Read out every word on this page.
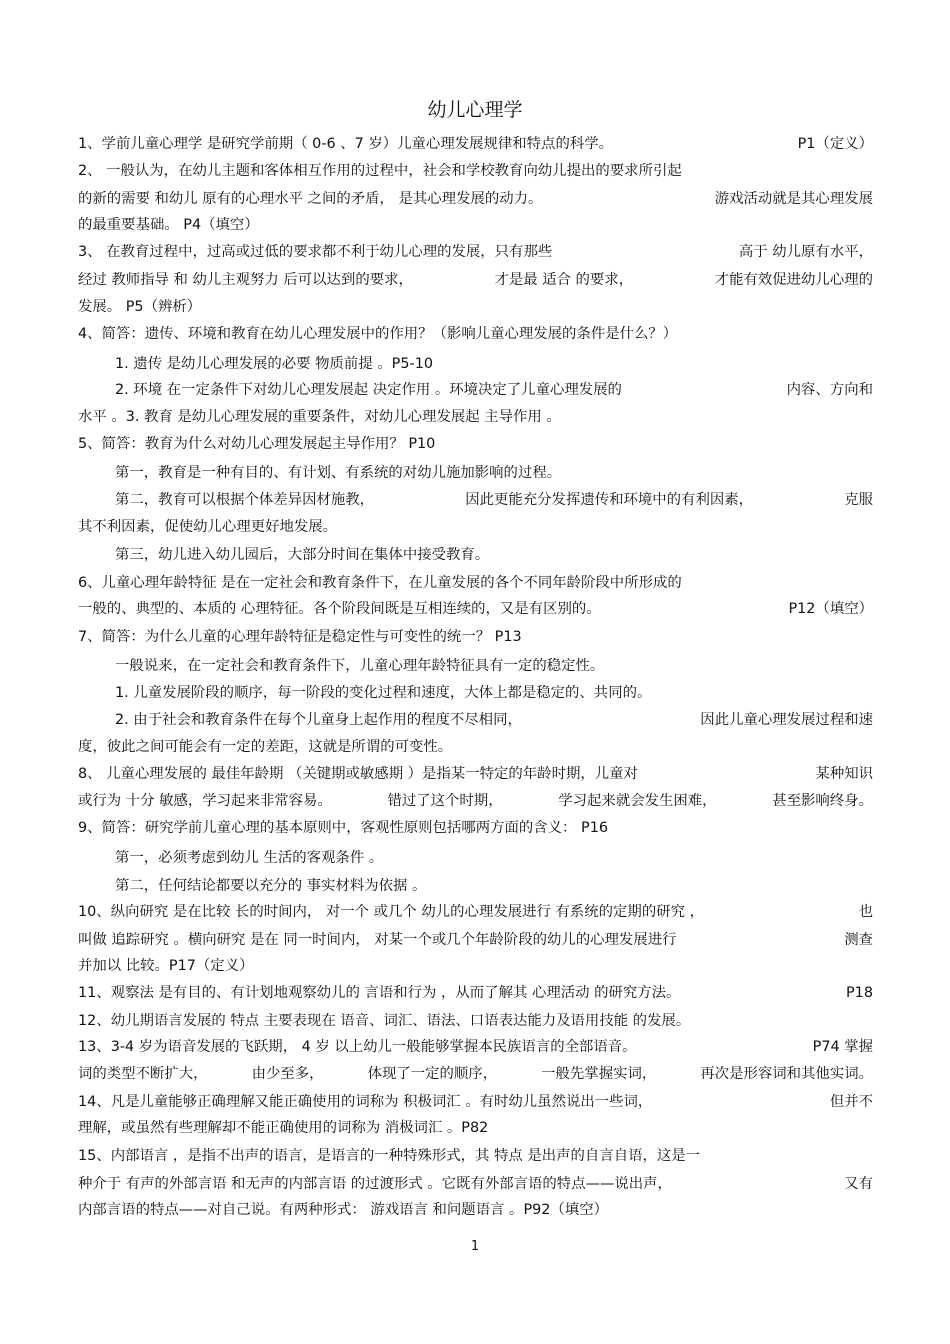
幼儿心理学
1、学前儿童心理学 是研究学前期（ 0-6 、7 岁）儿童心理发展规律和特点的科学。	P1（定义）
2、 一般认为，在幼儿主题和客体相互作用的过程中，社会和学校教育向幼儿提出的要求所引起
的新的需要 和幼儿 原有的心理水平 之间的矛盾， 是其心理发展的动力。	游戏活动就是其心理发展
的最重要基础。 P4（填空）
3、 在教育过程中，过高或过低的要求都不利于幼儿心理的发展，只有那些	高于 幼儿原有水平，
经过 教师指导 和 幼儿主观努力 后可以达到的要求，	才是最 适合 的要求，	才能有效促进幼儿心理的
发展。 P5（辨析）
4、简答：遗传、环境和教育在幼儿心理发展中的作用？（影响儿童心理发展的条件是什么？）
1. 遗传 是幼儿心理发展的必要 物质前提 。P5-10
2. 环境 在一定条件下对幼儿心理发展起 决定作用 。环境决定了儿童心理发展的	内容、方向和
水平 。3. 教育 是幼儿心理发展的重要条件，对幼儿心理发展起 主导作用 。
5、简答：教育为什么对幼儿心理发展起主导作用？ P10
第一，教育是一种有目的、有计划、有系统的对幼儿施加影响的过程。
第二，教育可以根据个体差异因材施教，	因此更能充分发挥遗传和环境中的有利因素，	克服
其不利因素，促使幼儿心理更好地发展。
第三，幼儿进入幼儿园后，大部分时间在集体中接受教育。
6、儿童心理年龄特征 是在一定社会和教育条件下，在儿童发展的各个不同年龄阶段中所形成的
一般的、典型的、本质的 心理特征。各个阶段间既是互相连续的，又是有区别的。	P12（填空）
7、简答：为什么儿童的心理年龄特征是稳定性与可变性的统一？ P13
一般说来，在一定社会和教育条件下，儿童心理年龄特征具有一定的稳定性。
1. 儿童发展阶段的顺序，每一阶段的变化过程和速度，大体上都是稳定的、共同的。
2. 由于社会和教育条件在每个儿童身上起作用的程度不尽相同，	因此儿童心理发展过程和速
度，彼此之间可能会有一定的差距，这就是所谓的可变性。
8、 儿童心理发展的 最佳年龄期 （关键期或敏感期 ）是指某一特定的年龄时期，儿童对	某种知识
或行为 十分 敏感，学习起来非常容易。	错过了这个时期，	学习起来就会发生困难，	甚至影响终身。
9、简答：研究学前儿童心理的基本原则中，客观性原则包括哪两方面的含义： P16
第一，必须考虑到幼儿 生活的客观条件 。
第二，任何结论都要以充分的 事实材料为依据 。
10、纵向研究 是在比较 长的时间内， 对一个 或几个 幼儿的心理发展进行 有系统的定期的研究 ，	也
叫做 追踪研究 。横向研究 是在 同一时间内， 对某一个或几个年龄阶段的幼儿的心理发展进行	测查
并加以 比较。P17（定义）
11、观察法 是有目的、有计划地观察幼儿的 言语和行为 ，从而了解其 心理活动 的研究方法。	P18
12、幼儿期语言发展的 特点 主要表现在 语音、词汇、语法、口语表达能力及语用技能 的发展。
13、3-4 岁为语音发展的飞跃期， 4 岁 以上幼儿一般能够掌握本民族语言的全部语音。	P74 掌握
词的类型不断扩大，	由少至多，	体现了一定的顺序，	一般先掌握实词，	再次是形容词和其他实词。
14、凡是儿童能够正确理解又能正确使用的词称为 积极词汇 。有时幼儿虽然说出一些词，	但并不
理解，或虽然有些理解却不能正确使用的词称为 消极词汇 。P82
15、内部语言 ，是指不出声的语言，是语言的一种特殊形式，其 特点 是出声的自言自语，这是一
种介于 有声的外部言语 和无声的内部言语 的过渡形式 。它既有外部言语的特点——说出声，	又有
内部言语的特点——对自己说。有两种形式： 游戏语言 和问题语言 。P92（填空）
1
